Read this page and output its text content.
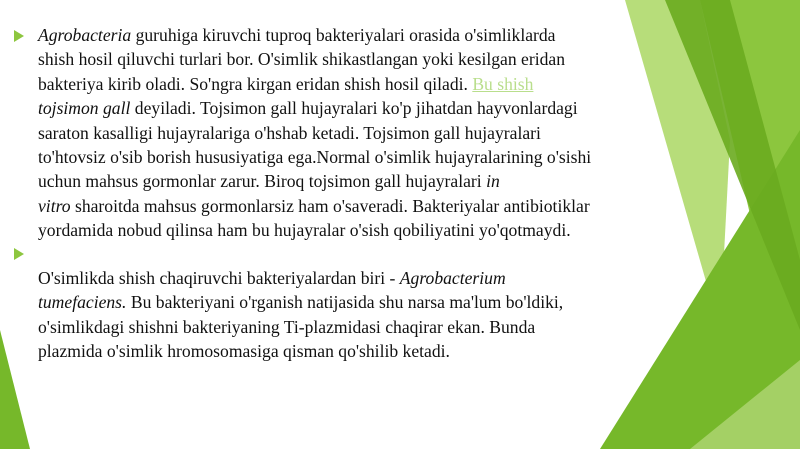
Agrobacteria guruhiga kiruvchi tuproq bakteriyalari orasida o'simliklarda
shish hosil qiluvchi turlari bor. O'simlik shikastlangan yoki kesilgan eridan
bakteriya kirib oladi. So'ngra kirgan eridan shish hosil qiladi. Bu shish
tojsimon gall deyiladi. Tojsimon gall hujayralari ko'p jihatdan hayvonlardagi
saraton kasalligi hujayralariga o'hshab ketadi. Tojsimon gall hujayralari
to'htovsiz o'sib borish hususiyatiga ega.Normal o'simlik hujayralarining o'sishi
uchun mahsus gormonlar zarur. Biroq tojsimon gall hujayralari in
vitro sharoitda mahsus gormonlarsiz ham o'saveradi. Bakteriyalar antibiotiklar
yordamida nobud qilinsa ham bu hujayralar o'sish qobiliyatini yo'qotmaydi.
O'simlikda shish chaqiruvchi bakteriyalardan biri - Agrobacterium
tumefaciens. Bu bakteriyani o'rganish natijasida shu narsa ma'lum bo'ldiki,
o'simlikdagi shishni bakteriyaning Ti-plazmidasi chaqirar ekan. Bunda
plazmida o'simlik hromosomasiga qisman qo'shilib ketadi.
